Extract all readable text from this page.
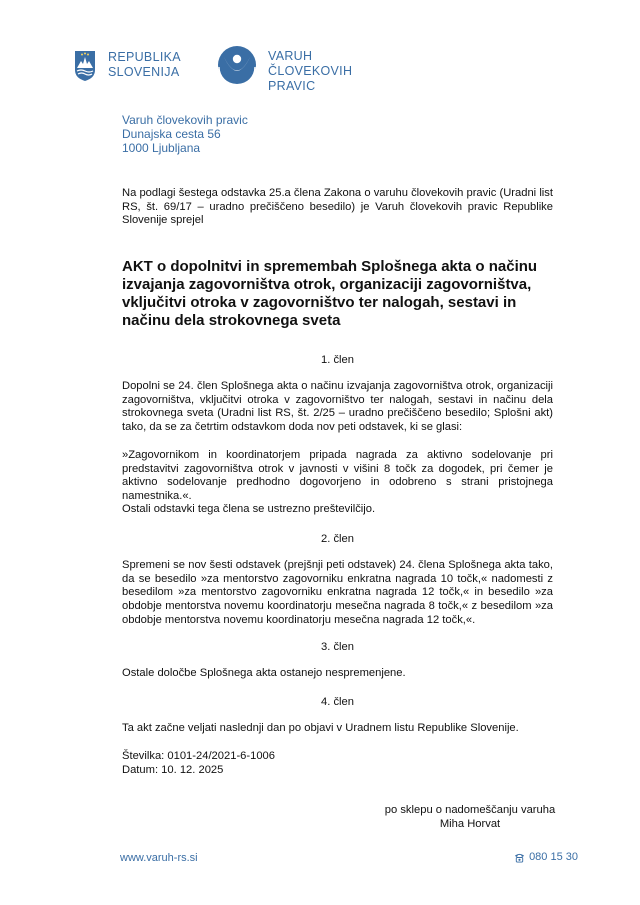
REPUBLIKA
SLOVENIJA
VARUH
ČLOVEKOVIH
PRAVIC
Varuh človekovih pravic
Dunajska cesta 56
1000 Ljubljana
Na podlagi šestega odstavka 25.a člena Zakona o varuhu človekovih pravic (Uradni list RS, št. 69/17 – uradno prečiščeno besedilo) je Varuh človekovih pravic Republike Slovenije sprejel
AKT o dopolnitvi in spremembah Splošnega akta o načinu izvajanja zagovorništva otrok, organizaciji zagovorništva, vključitvi otroka v zagovorništvo ter nalogah, sestavi in načinu dela strokovnega sveta
1. člen
Dopolni se 24. člen Splošnega akta o načinu izvajanja zagovorništva otrok, organizaciji zagovorništva, vključitvi otroka v zagovorništvo ter nalogah, sestavi in načinu dela strokovnega sveta (Uradni list RS, št. 2/25 – uradno prečiščeno besedilo; Splošni akt) tako, da se za četrtim odstavkom doda nov peti odstavek, ki se glasi:
»Zagovornikom in koordinatorjem pripada nagrada za aktivno sodelovanje pri predstavitvi zagovorništva otrok v javnosti v višini 8 točk za dogodek, pri čemer je aktivno sodelovanje predhodno dogovorjeno in odobreno s strani pristojnega namestnika.«.
Ostali odstavki tega člena se ustrezno preštevilčijo.
2. člen
Spremeni se nov šesti odstavek (prejšnji peti odstavek) 24. člena Splošnega akta tako, da se besedilo »za mentorstvo zagovorniku enkratna nagrada 10 točk,« nadomesti z besedilom »za mentorstvo zagovorniku enkratna nagrada 12 točk,« in besedilo »za obdobje mentorstva novemu koordinatorju mesečna nagrada 8 točk,« z besedilom »za obdobje mentorstva novemu koordinatorju mesečna nagrada 12 točk,«.
3. člen
Ostale določbe Splošnega akta ostanejo nespremenjene.
4. člen
Ta akt začne veljati naslednji dan po objavi v Uradnem listu Republike Slovenije.
Številka: 0101-24/2021-6-1006
Datum: 10. 12. 2025
po sklepu o nadomeščanju varuha
Miha Horvat
www.varuh-rs.si	080 15 30
